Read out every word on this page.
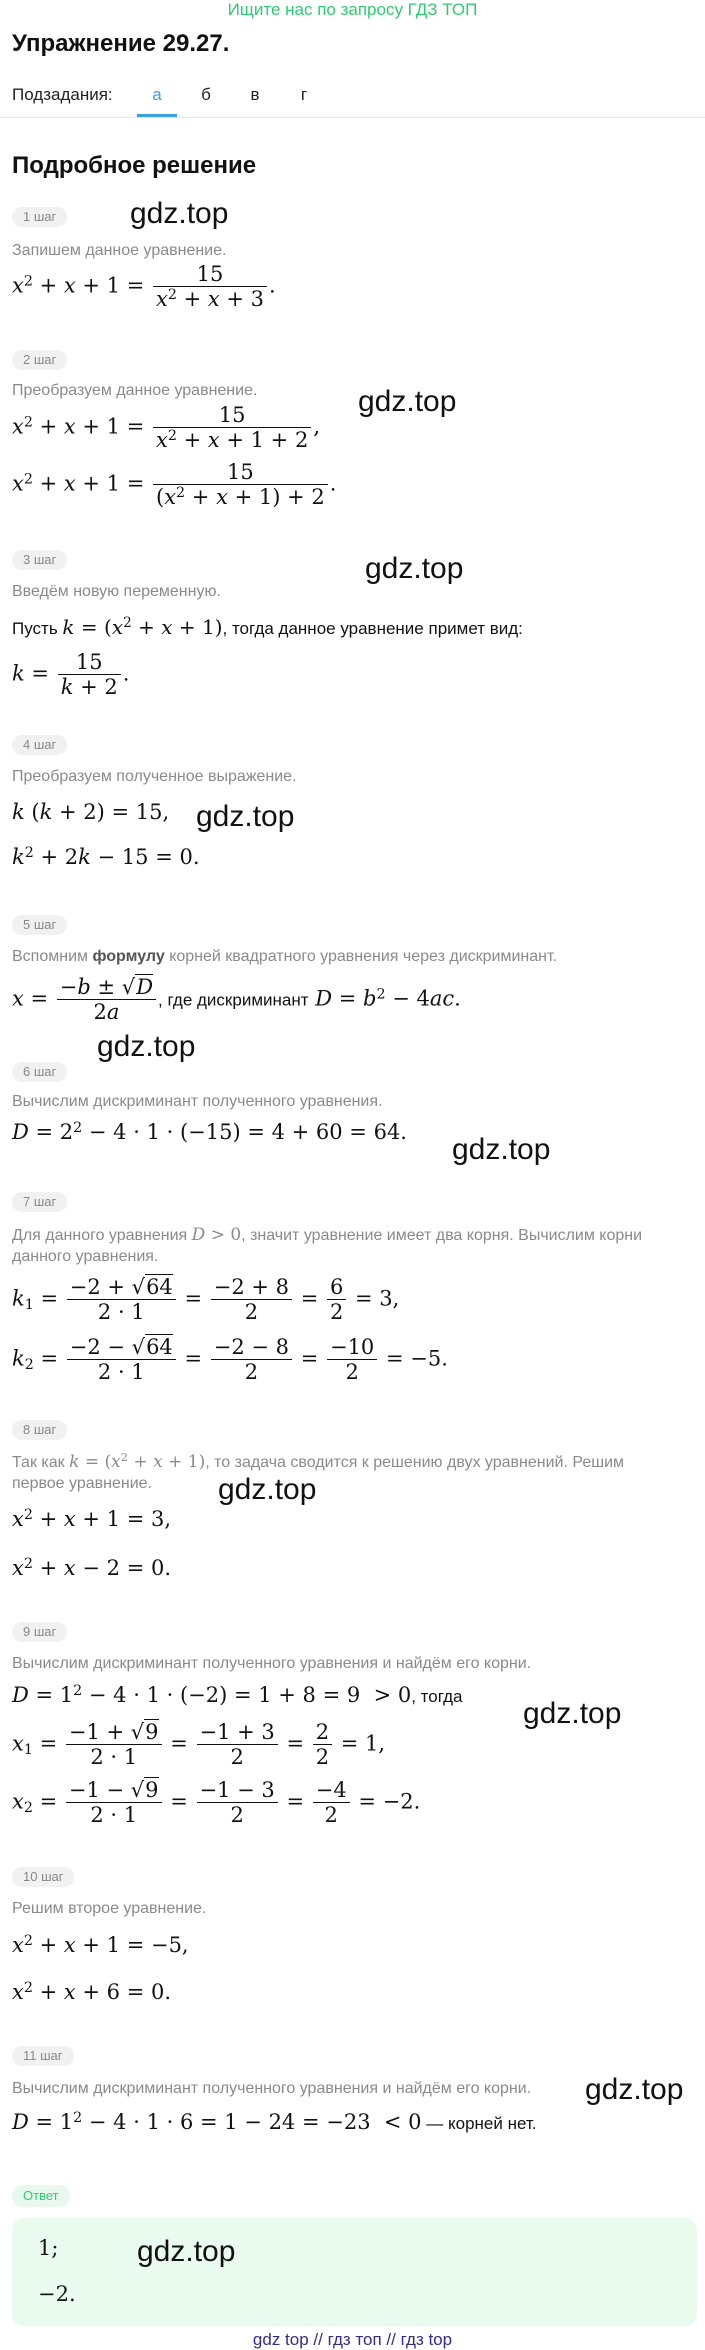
Ищите нас по запросу ГДЗ ТОП
Упражнение 29.27.
Подзадания:	а	б	в	г
Подробное решение
1 шаг	gdz.top
Запишем данное уравнение.
$x^2 + x + 1 = \frac{15}{x^2 + x + 3}$ .
2 шаг
Преобразуем данное уравнение.	gdz.top
$x^2 + x + 1 = \frac{15}{x^2 + x + 1 + 2}$ ,
$x^2 + x + 1 = \frac{15}{(x^2 + x + 1) + 2}$ .
3 шаг	gdz.top
Введём новую переменную.
Пусть $k = (x^2 + x + 1)$, тогда данное уравнение примет вид:
$k = \frac{15}{k + 2}$ .
4 шаг
Преобразуем полученное выражение.
gdz.top
k (k + 2) = 15,
$k^2 + 2k - 15 = 0$.
5 шаг
Вспомним формулу корней квадратного уравнения через дискриминант.
$x = \frac{-b \pm √D}{2a}$ , где дискриминант $D = b^2 - 4ac$.
gdz.top
6 шаг
Вычислим дискриминант полученного уравнения.
$D = 2^2 - 4 \cdot 1 \cdot (-15) = 4 + 60 = 64$.
gdz.top
7 шаг
Для данного уравнения D > 0, значит уравнение имеет два корня. Вычислим корни
данного уравнения.
$k_1 = \frac{-2 + √64}{2 \cdot 1} = \frac{-2 + 8}{2} = \frac{6}{2} = 3$,
$k_2 = \frac{-2 - √64}{2 \cdot 1} = \frac{-2 - 8}{2} = \frac{-10}{2} = -5$.
8 шаг
Так как $k = (x^2 + x + 1)$, то задача сводится к решению двух уравнений. Решим
первое уравнение. gdz.top
$x^2 + x + 1 = 3$,
$x^2 + x - 2 = 0$.
9 шаг
Вычислим дискриминант полученного уравнения и найдём его корни.
$D = 1^2 - 4 \cdot 1 \cdot (-2) = 1 + 8 = 9 > 0$, тогда
gdz.top
$x_1 = \frac{-1 + √9}{2 \cdot 1} = \frac{-1 + 3}{2} = \frac{2}{2} = 1$,
$x_2 = \frac{-1 - √9}{2 \cdot 1} = \frac{-1 - 3}{2} = \frac{-4}{2} = -2$.
10 шаг
Решим второе уравнение.
$x^2 + x + 1 = -5$,
$x^2 + x + 6 = 0$.
11 шаг
Вычислим дискриминант полученного уравнения и найдём его корни. gdz.top
$D = 1^2 - 4 \cdot 1 \cdot 6 = 1 - 24 = -23 < 0$ — корней нет.
Ответ
1;	gdz.top
−2.
gdz top // гдз топ // гдз top
